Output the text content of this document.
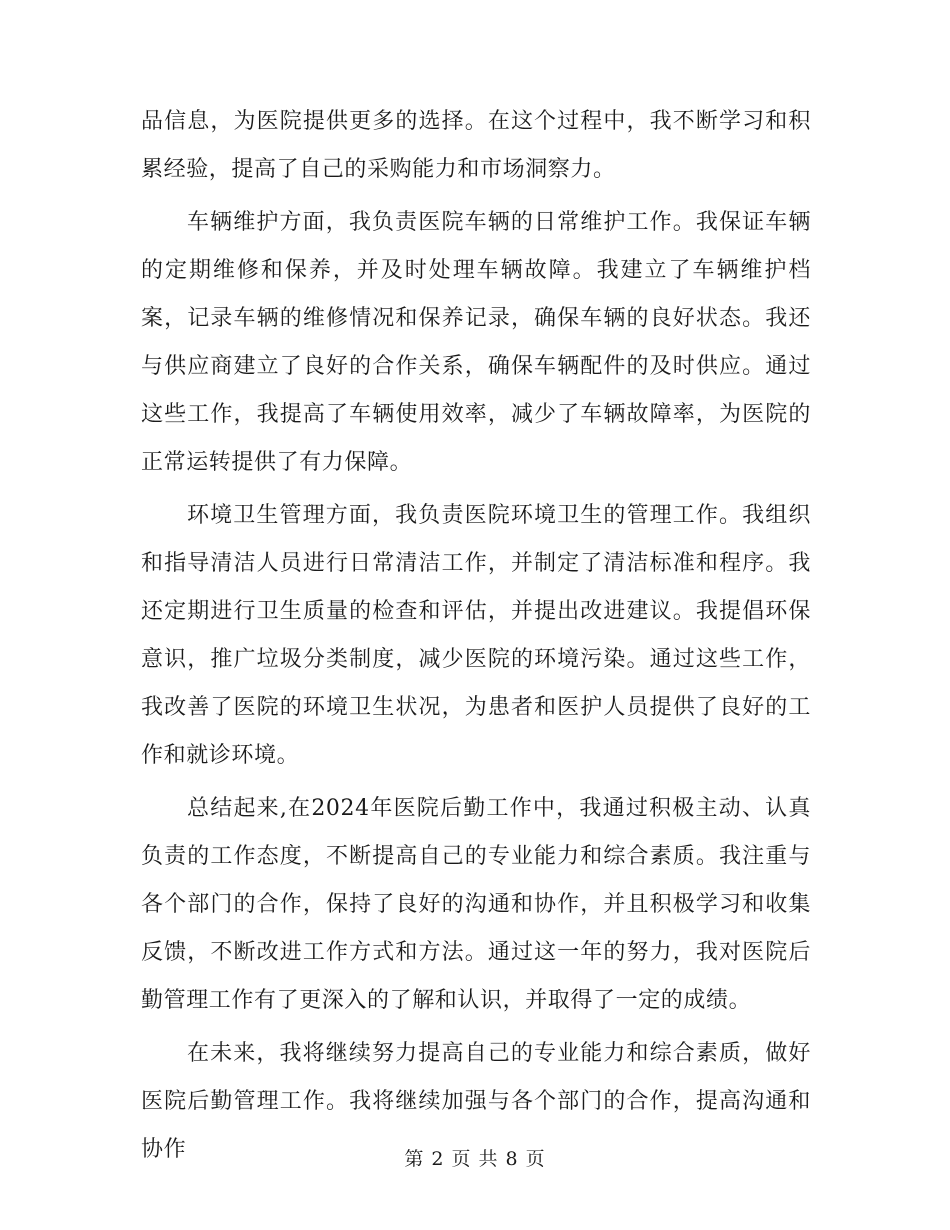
品信息，为医院提供更多的选择。在这个过程中，我不断学习和积累经验，提高了自己的采购能力和市场洞察力。

车辆维护方面，我负责医院车辆的日常维护工作。我保证车辆的定期维修和保养，并及时处理车辆故障。我建立了车辆维护档案，记录车辆的维修情况和保养记录，确保车辆的良好状态。我还与供应商建立了良好的合作关系，确保车辆配件的及时供应。通过这些工作，我提高了车辆使用效率，减少了车辆故障率，为医院的正常运转提供了有力保障。

环境卫生管理方面，我负责医院环境卫生的管理工作。我组织和指导清洁人员进行日常清洁工作，并制定了清洁标准和程序。我还定期进行卫生质量的检查和评估，并提出改进建议。我提倡环保意识，推广垃圾分类制度，减少医院的环境污染。通过这些工作，我改善了医院的环境卫生状况，为患者和医护人员提供了良好的工作和就诊环境。

总结起来,在2024年医院后勤工作中，我通过积极主动、认真负责的工作态度，不断提高自己的专业能力和综合素质。我注重与各个部门的合作，保持了良好的沟通和协作，并且积极学习和收集反馈，不断改进工作方式和方法。通过这一年的努力，我对医院后勤管理工作有了更深入的了解和认识，并取得了一定的成绩。

在未来，我将继续努力提高自己的专业能力和综合素质，做好医院后勤管理工作。我将继续加强与各个部门的合作，提高沟通和协作	第 2 页 共 8 页
